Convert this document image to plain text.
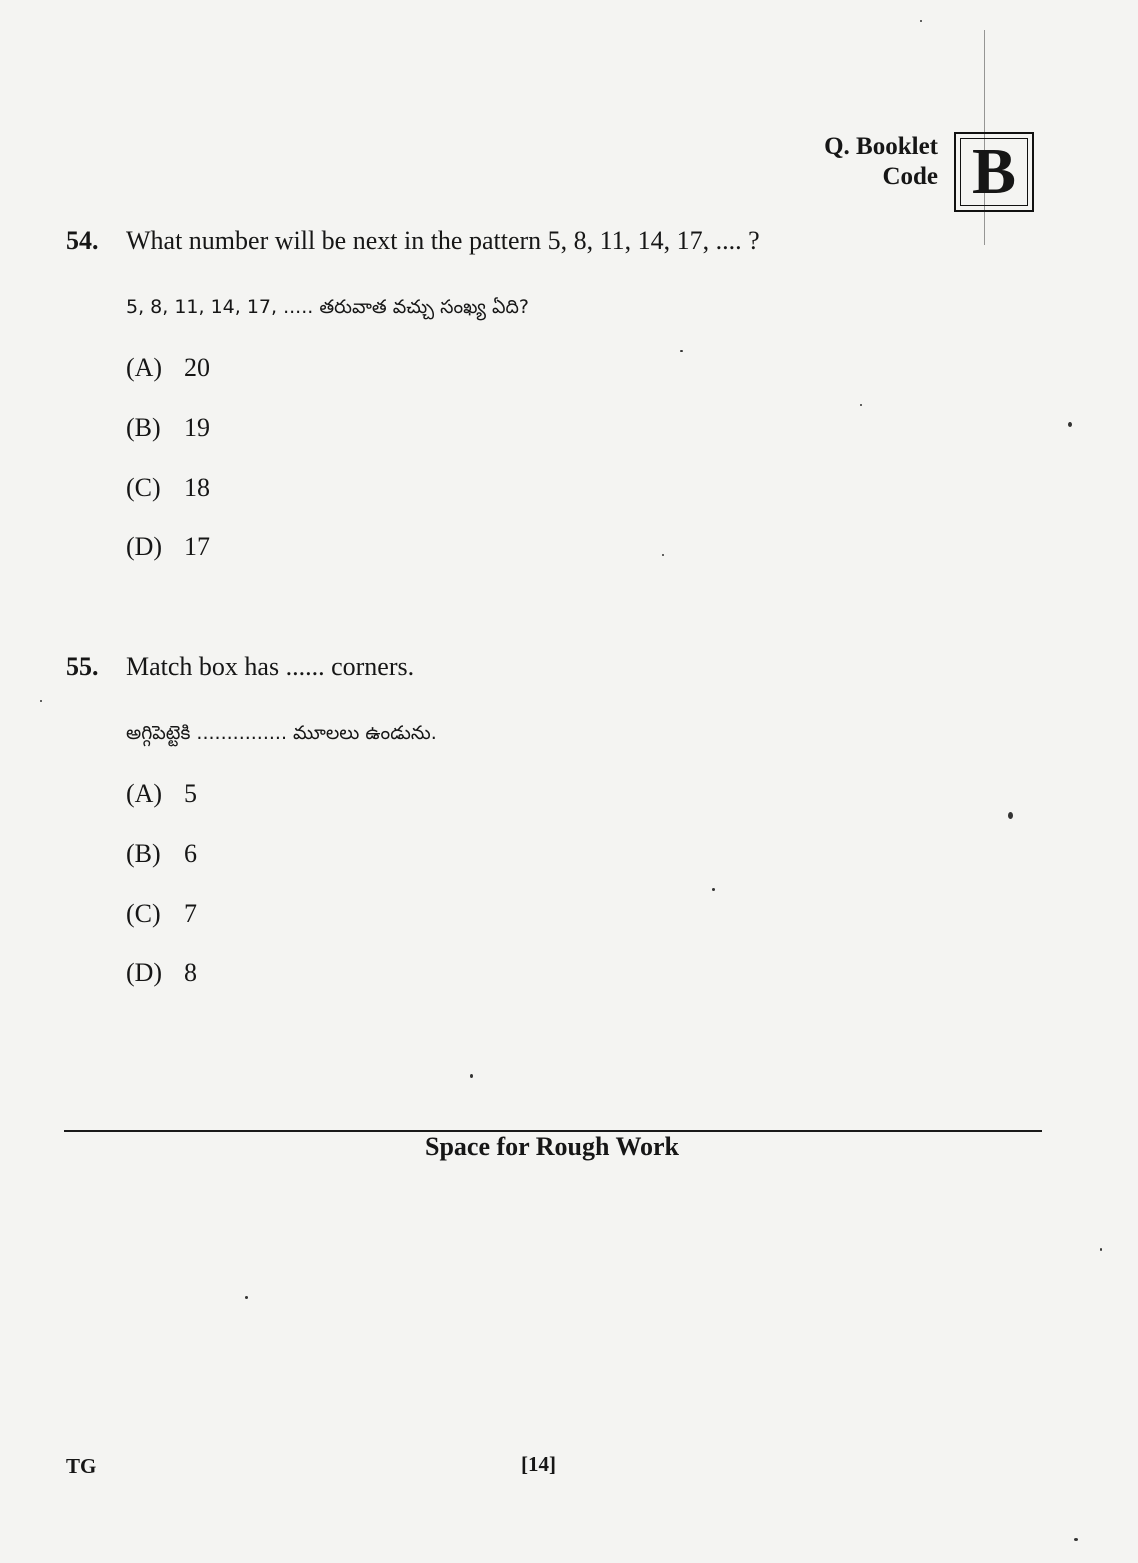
Q. Booklet
Code B
54. What number will be next in the pattern 5, 8, 11, 14, 17, .... ?
5, 8, 11, 14, 17, ..... తరువాత వచ్చు సంఖ్య ఏది?
(A) 20
(B) 19
(C) 18
(D) 17
55. Match box has ...... corners.
అగ్గిపెట్టెకి ............... మూలలు ఉండును.
(A) 5
(B) 6
(C) 7
(D) 8
Space for Rough Work
TG	[14]
